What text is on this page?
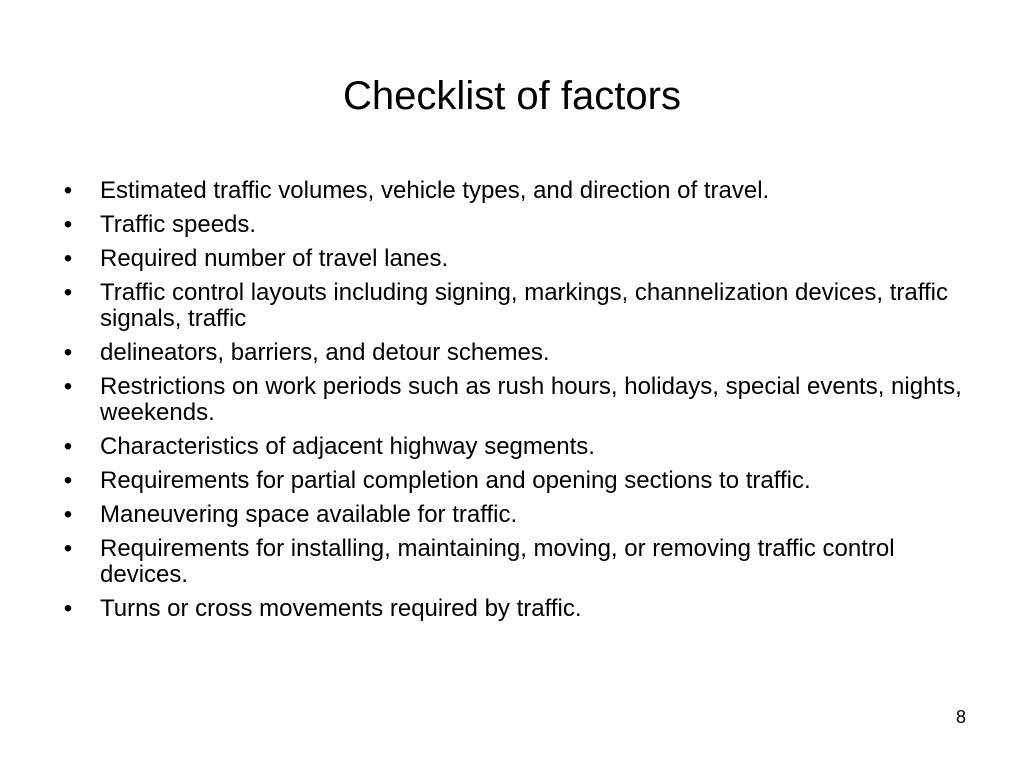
Checklist of factors
• Estimated traffic volumes, vehicle types, and direction of travel.
• Traffic speeds.
• Required number of travel lanes.
• Traffic control layouts including signing, markings, channelization devices, traffic signals, traffic
• delineators, barriers, and detour schemes.
• Restrictions on work periods such as rush hours, holidays, special events, nights, weekends.
• Characteristics of adjacent highway segments.
• Requirements for partial completion and opening sections to traffic.
• Maneuvering space available for traffic.
• Requirements for installing, maintaining, moving, or removing traffic control devices.
• Turns or cross movements required by traffic.
8
